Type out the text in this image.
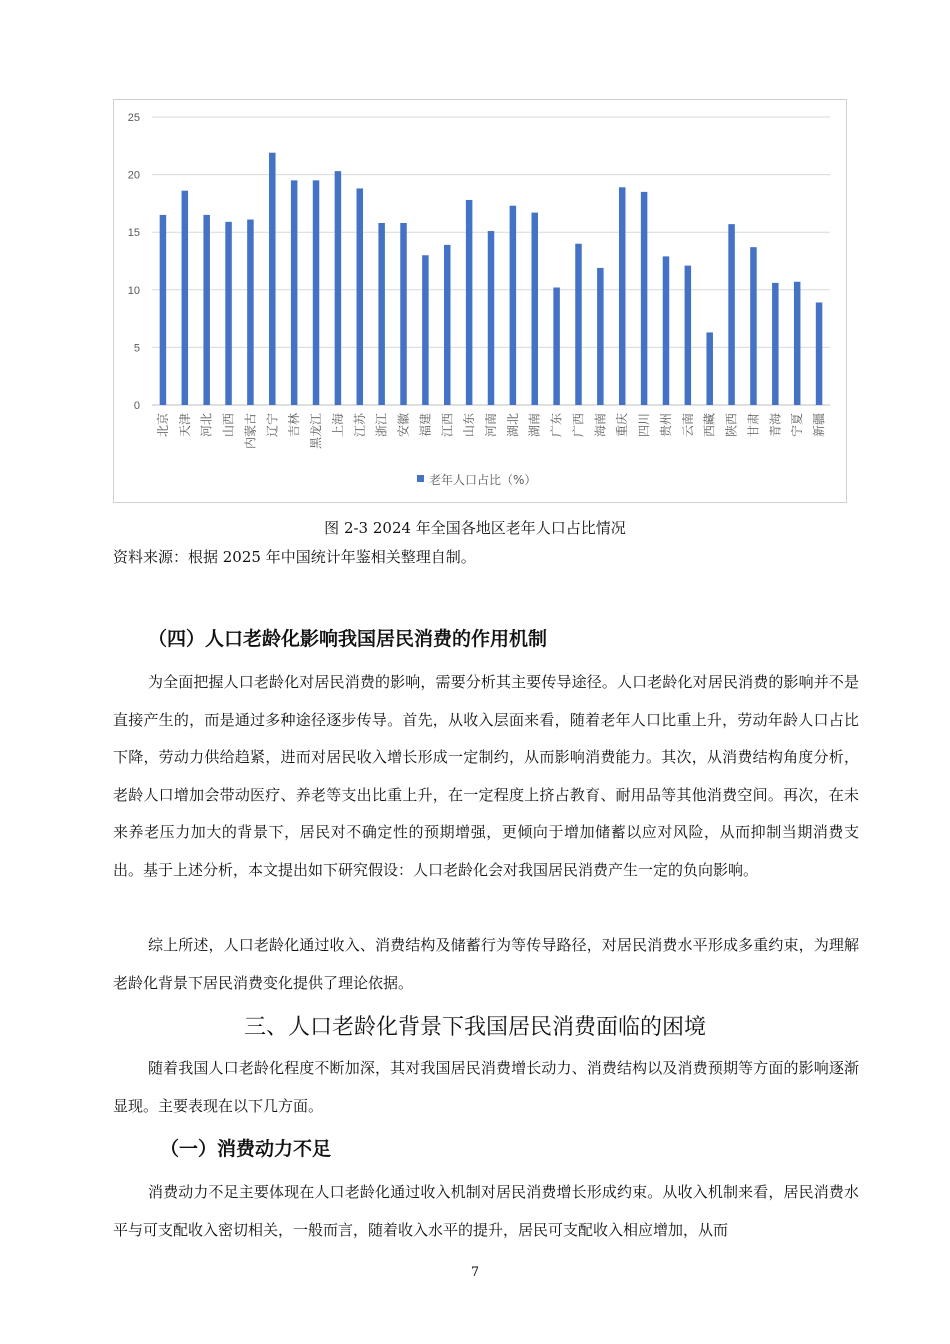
0
5
10
15
20
25
北京 天津 河北 山西 内蒙古 辽宁 吉林 黑龙江 上海 江苏 浙江 安徽 福建 江西 山东 河南 湖北 湖南 广东 广西 海南 重庆 四川 贵州 云南 西藏 陕西 甘肃 青海 宁夏 新疆
老年人口占比（%）
图 2-3 2024 年全国各地区老年人口占比情况
资料来源：根据 2025 年中国统计年鉴相关整理自制。
（四）人口老龄化影响我国居民消费的作用机制

为全面把握人口老龄化对居民消费的影响，需要分析其主要传导途径。人口老龄化对居民消费的影响并不是直接产生的，而是通过多种途径逐步传导。首先，从收入层面来看，随着老年人口比重上升，劳动年龄人口占比下降，劳动力供给趋紧，进而对居民收入增长形成一定制约，从而影响消费能力。其次，从消费结构角度分析，老龄人口增加会带动医疗、养老等支出比重上升，在一定程度上挤占教育、耐用品等其他消费空间。再次，在未来养老压力加大的背景下，居民对不确定性的预期增强，更倾向于增加储蓄以应对风险，从而抑制当期消费支出。基于上述分析，本文提出如下研究假设：人口老龄化会对我国居民消费产生一定的负向影响。

综上所述，人口老龄化通过收入、消费结构及储蓄行为等传导路径，对居民消费水平形成多重约束，为理解老龄化背景下居民消费变化提供了理论依据。

三、人口老龄化背景下我国居民消费面临的困境

随着我国人口老龄化程度不断加深，其对我国居民消费增长动力、消费结构以及消费预期等方面的影响逐渐显现。主要表现在以下几方面。

（一）消费动力不足

消费动力不足主要体现在人口老龄化通过收入机制对居民消费增长形成约束。从收入机制来看，居民消费水平与可支配收入密切相关，一般而言，随着收入水平的提升，居民可支配收入相应增加，从而

7
